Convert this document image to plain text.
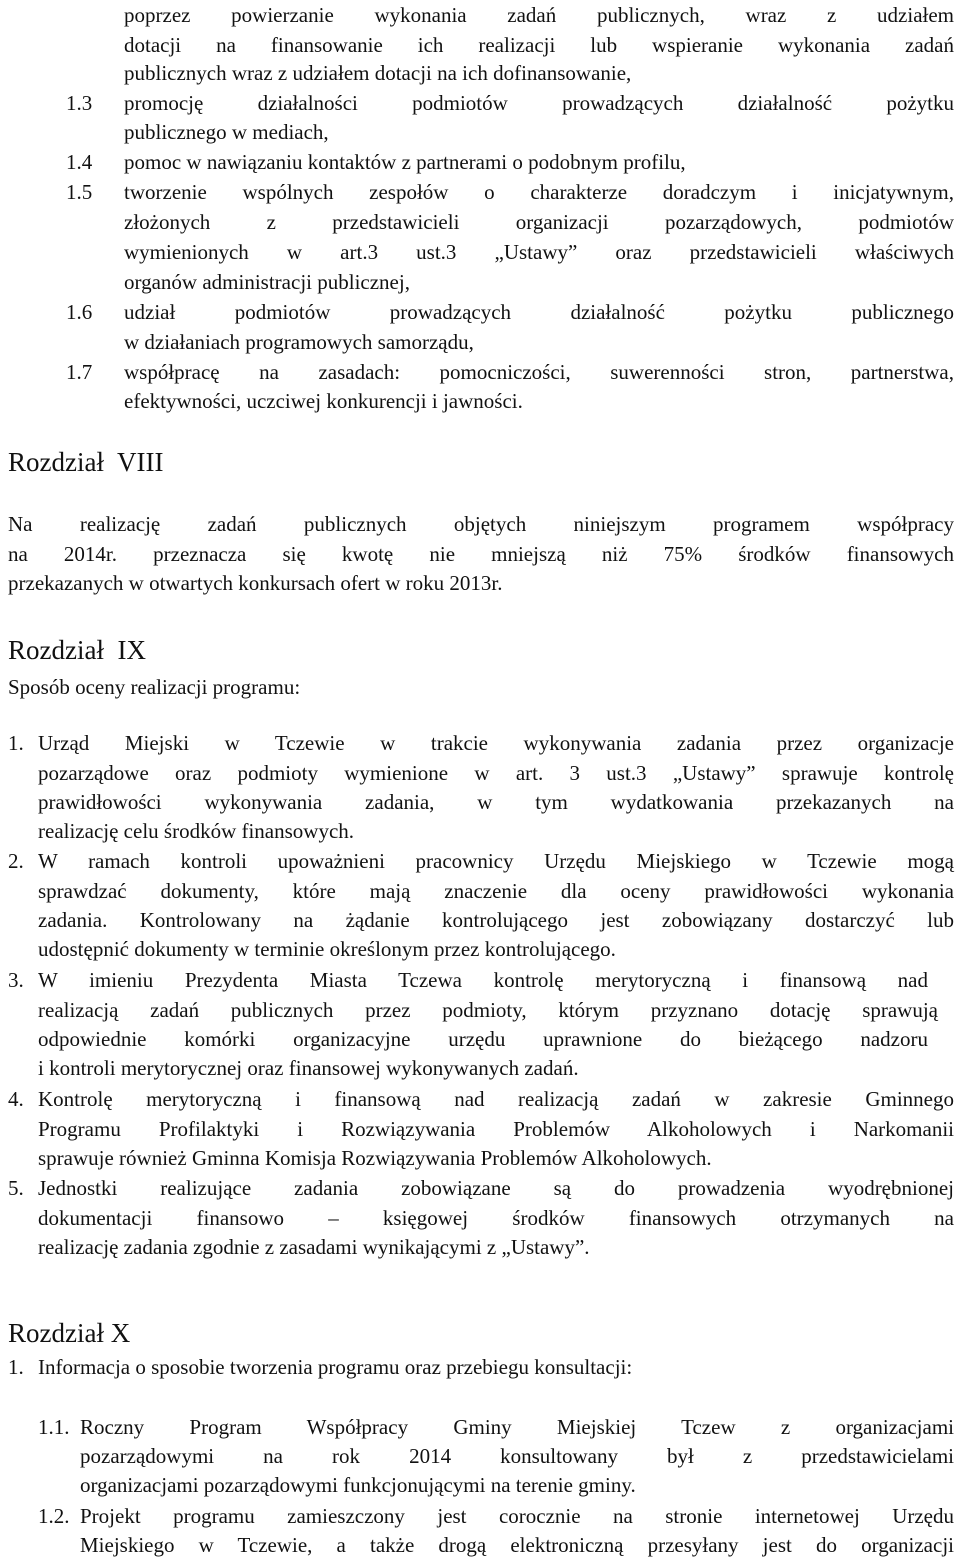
poprzez powierzanie wykonania zadań publicznych, wraz z udziałem
dotacji na finansowanie ich realizacji lub wspieranie wykonania zadań
publicznych wraz z udziałem dotacji na ich dofinansowanie,
1.3 promocję działalności podmiotów prowadzących działalność pożytku
publicznego w mediach,
1.4 pomoc w nawiązaniu kontaktów z partnerami o podobnym profilu,
1.5 tworzenie wspólnych zespołów o charakterze doradczym i inicjatywnym,
złożonych z przedstawicieli organizacji pozarządowych, podmiotów
wymienionych w art.3 ust.3 „Ustawy” oraz przedstawicieli właściwych
organów administracji publicznej,
1.6 udział podmiotów prowadzących działalność pożytku publicznego
w działaniach programowych samorządu,
1.7 współpracę na zasadach: pomocniczości, suwerenności stron, partnerstwa,
efektywności, uczciwej konkurencji i jawności.
Rozdział  VIII
Na realizację zadań publicznych objętych niniejszym programem współpracy
na 2014r. przeznacza się kwotę nie mniejszą niż 75% środków finansowych
przekazanych w otwartych konkursach ofert w roku 2013r.
Rozdział  IX
Sposób oceny realizacji programu:
1. Urząd Miejski w Tczewie w trakcie wykonywania zadania przez organizacje
pozarządowe oraz podmioty wymienione w art. 3 ust.3 „Ustawy” sprawuje kontrolę
prawidłowości wykonywania zadania, w tym wydatkowania przekazanych na
realizację celu środków finansowych.
2. W ramach kontroli upoważnieni pracownicy Urzędu Miejskiego w Tczewie mogą
sprawdzać dokumenty, które mają znaczenie dla oceny prawidłowości wykonania
zadania. Kontrolowany na żądanie kontrolującego jest zobowiązany dostarczyć lub
udostępnić dokumenty w terminie określonym przez kontrolującego.
3. W imieniu Prezydenta Miasta Tczewa kontrolę merytoryczną i finansową nad
realizacją zadań publicznych przez podmioty, którym przyznano dotację sprawują
odpowiednie komórki organizacyjne urzędu uprawnione do bieżącego nadzoru
i kontroli merytorycznej oraz finansowej wykonywanych zadań.
4. Kontrolę merytoryczną i finansową nad realizacją zadań w zakresie Gminnego
Programu Profilaktyki i Rozwiązywania Problemów Alkoholowych i Narkomanii
sprawuje również Gminna Komisja Rozwiązywania Problemów Alkoholowych.
5. Jednostki realizujące zadania zobowiązane są do prowadzenia wyodrębnionej
dokumentacji finansowo – księgowej środków finansowych otrzymanych na
realizację zadania zgodnie z zasadami wynikającymi z „Ustawy”.
Rozdział X
1. Informacja o sposobie tworzenia programu oraz przebiegu konsultacji:
1.1. Roczny Program Współpracy Gminy Miejskiej Tczew z organizacjami
pozarządowymi na rok 2014 konsultowany był z przedstawicielami
organizacjami pozarządowymi funkcjonującymi na terenie gminy.
1.2. Projekt programu zamieszczony jest corocznie na stronie internetowej Urzędu
Miejskiego w Tczewie, a także drogą elektroniczną przesyłany jest do organizacji
